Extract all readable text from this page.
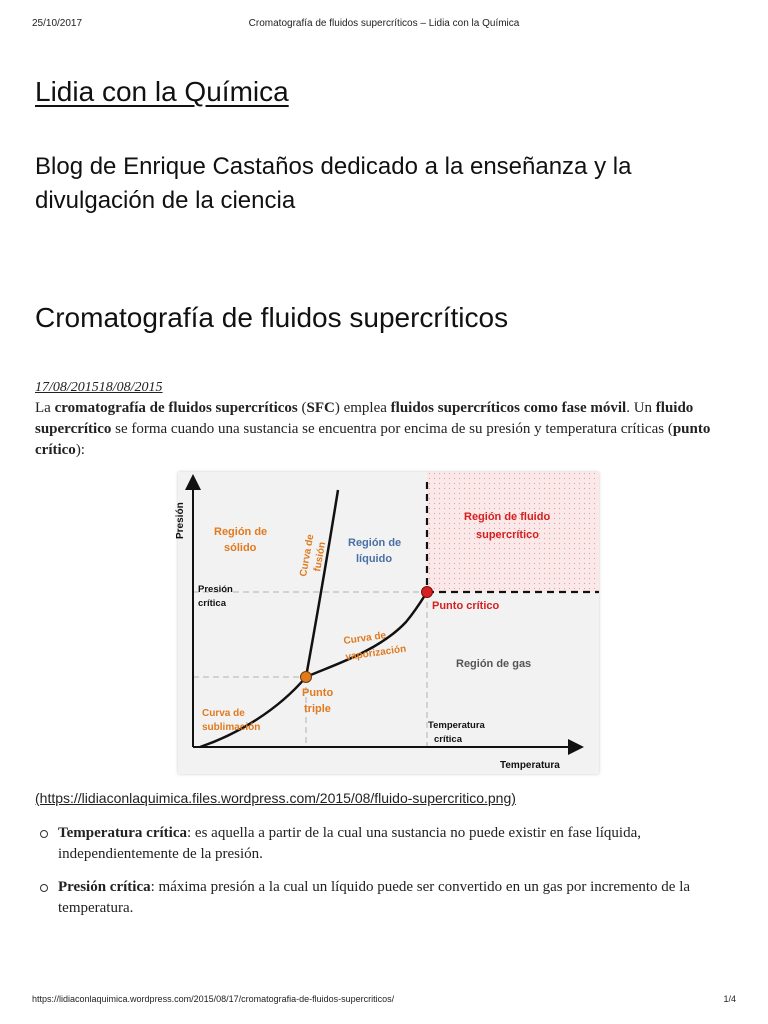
25/10/2017	Cromatografía de fluidos supercríticos – Lidia con la Química
Lidia con la Química

Blog de Enrique Castaños dedicado a la enseñanza y la divulgación de la ciencia

Cromatografía de fluidos supercríticos
17/08/201518/08/2015

La cromatografía de fluidos supercríticos (SFC) emplea fluidos supercríticos como fase móvil. Un fluido supercrítico se forma cuando una sustancia se encuentra por encima de su presión y temperatura críticas (punto crítico):

Presión
Temperatura
Región de
sólido	Región de
líquido
Región de fluido
supercrítico
Región de gas
Curva de
fusión
Curva de
vaporización
Curva de
sublimación
Punto
triple
Punto crítico
Presión
crítica
Temperatura
crítica
(https://lidiaconlaquimica.files.wordpress.com/2015/08/fluido-supercritico.png)
Temperatura crítica: es aquella a partir de la cual una sustancia no puede existir en fase líquida, independientemente de la presión.
Presión crítica: máxima presión a la cual un líquido puede ser convertido en un gas por incremento de la temperatura.
https://lidiaconlaquimica.wordpress.com/2015/08/17/cromatografia-de-fluidos-supercriticos/	1/4
